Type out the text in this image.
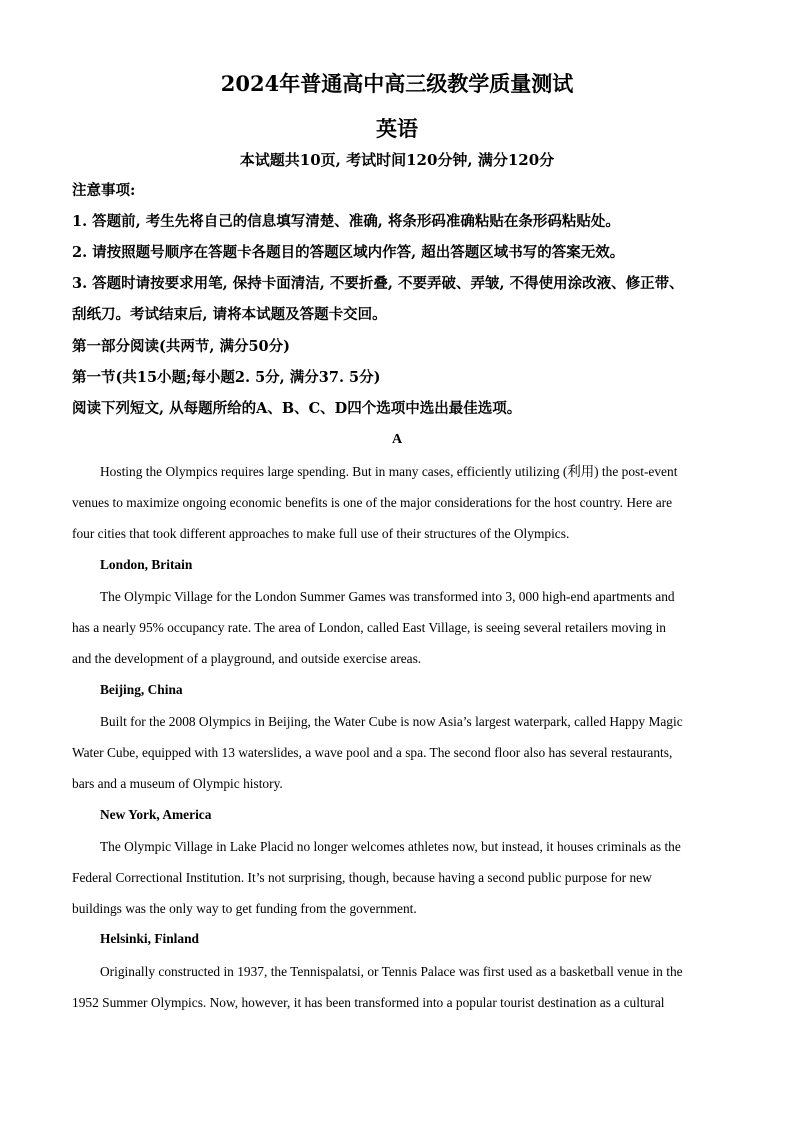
2024年普通高中高三级教学质量测试
英语
本试题共10页, 考试时间120分钟, 满分120分
注意事项:
1. 答题前, 考生先将自己的信息填写清楚、准确, 将条形码准确粘贴在条形码粘贴处。
2. 请按照题号顺序在答题卡各题目的答题区域内作答, 超出答题区域书写的答案无效。
3. 答题时请按要求用笔, 保持卡面清洁, 不要折叠, 不要弄破、弄皱, 不得使用涂改液、修正带、
刮纸刀。考试结束后, 请将本试题及答题卡交回。
第一部分阅读(共两节, 满分50分)
第一节(共15小题;每小题2. 5分, 满分37. 5分)
阅读下列短文, 从每题所给的A、B、C、D四个选项中选出最佳选项。
A
Hosting the Olympics requires large spending. But in many cases, efficiently utilizing (利用) the post-event
venues to maximize ongoing economic benefits is one of the major considerations for the host country. Here are
four cities that took different approaches to make full use of their structures of the Olympics.
London, Britain
The Olympic Village for the London Summer Games was transformed into 3, 000 high-end apartments and
has a nearly 95% occupancy rate. The area of London, called East Village, is seeing several retailers moving in
and the development of a playground, and outside exercise areas.
Beijing, China
Built for the 2008 Olympics in Beijing, the Water Cube is now Asia’s largest waterpark, called Happy Magic
Water Cube, equipped with 13 waterslides, a wave pool and a spa. The second floor also has several restaurants,
bars and a museum of Olympic history.
New York, America
The Olympic Village in Lake Placid no longer welcomes athletes now, but instead, it houses criminals as the
Federal Correctional Institution. It’s not surprising, though, because having a second public purpose for new
buildings was the only way to get funding from the government.
Helsinki, Finland
Originally constructed in 1937, the Tennispalatsi, or Tennis Palace was first used as a basketball venue in the
1952 Summer Olympics. Now, however, it has been transformed into a popular tourist destination as a cultural
